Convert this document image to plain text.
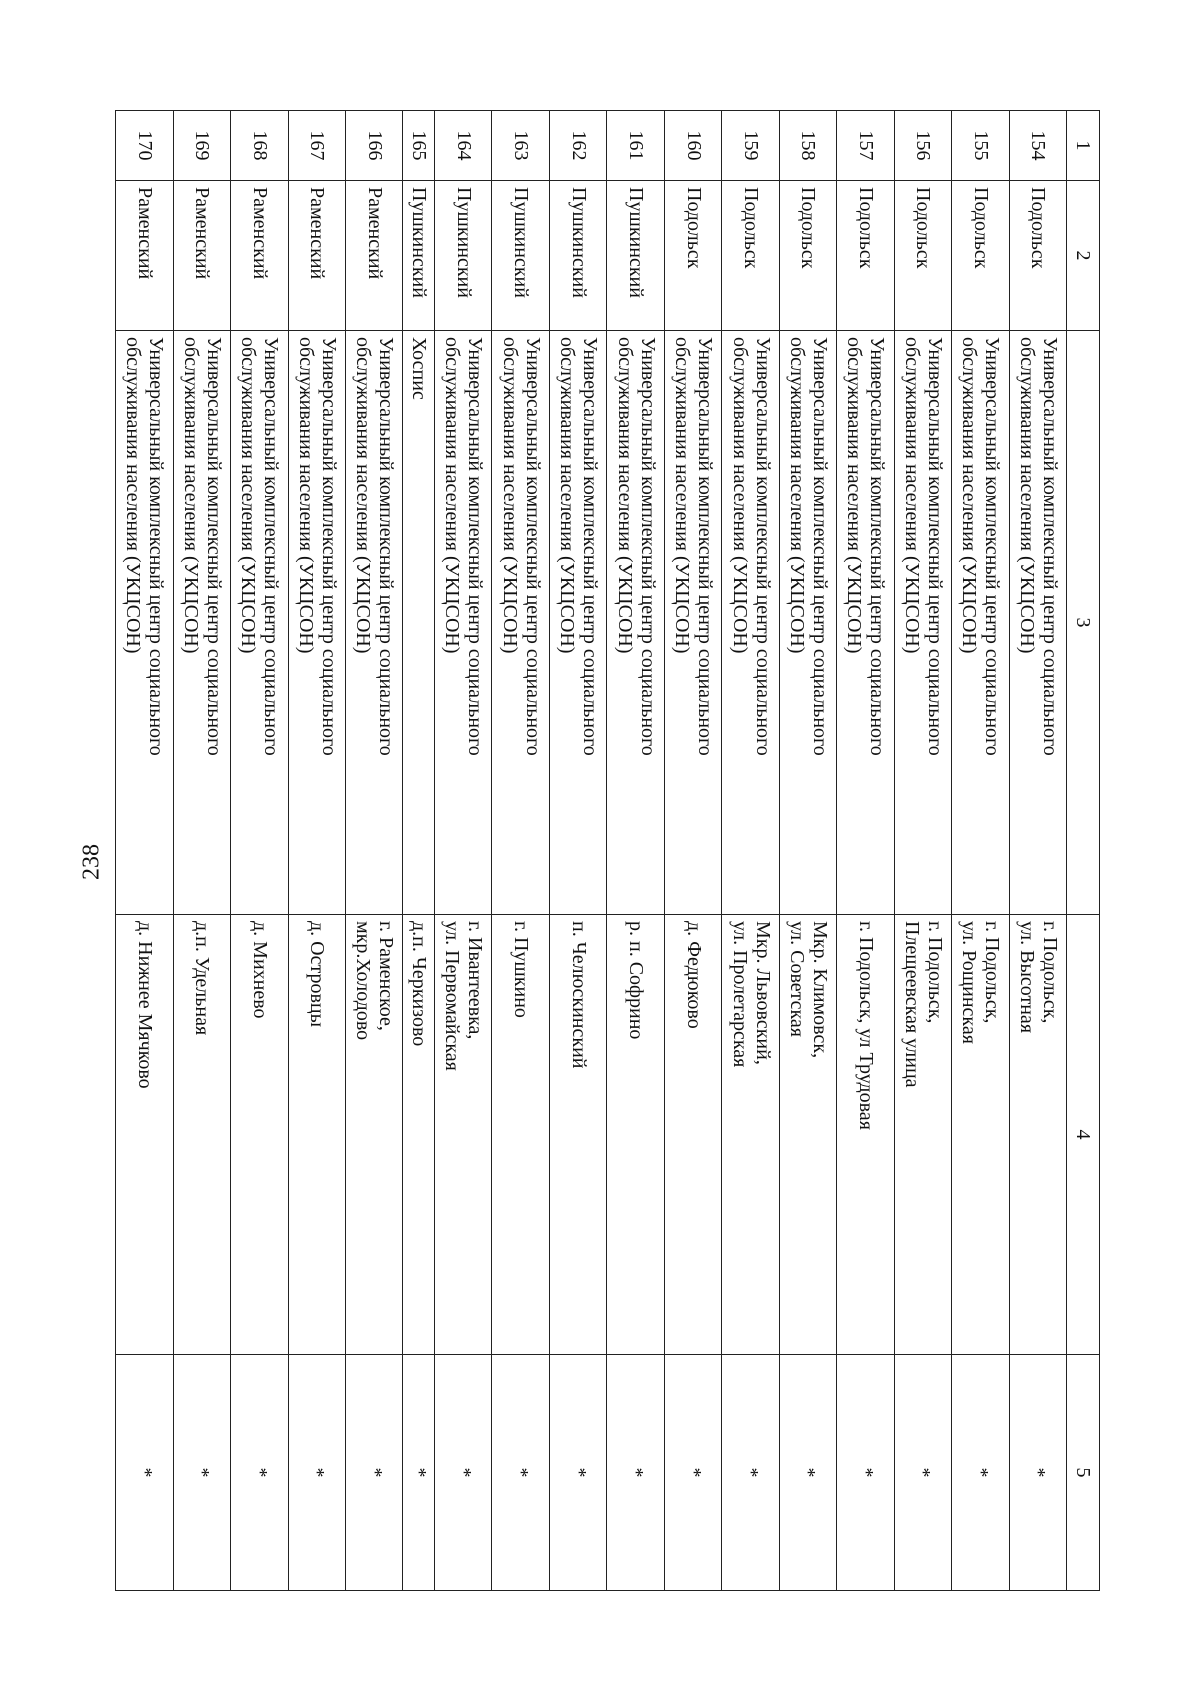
238
1	2	3	4	5
154	Подольск	Универсальный комплексный центр социального
обслуживания населения (УКЦСОН)	г. Подольск,
ул. Высотная	*
155	Подольск	Универсальный комплексный центр социального
обслуживания населения (УКЦСОН)	г. Подольск,
ул. Рощинская	*
156	Подольск	Универсальный комплексный центр социального
обслуживания населения (УКЦСОН)	г. Подольск,
Плещеевская улица	*
157	Подольск	Универсальный комплексный центр социального
обслуживания населения (УКЦСОН)	г. Подольск, ул Трудовая	*
158	Подольск	Универсальный комплексный центр социального
обслуживания населения (УКЦСОН)	Мкр. Климовск,
ул. Советская	*
159	Подольск	Универсальный комплексный центр социального
обслуживания населения (УКЦСОН)	Мкр. Львовский,
ул. Пролетарская	*
160	Подольск	Универсальный комплексный центр социального
обслуживания населения (УКЦСОН)	д. Федюково	*
161	Пушкинский	Универсальный комплексный центр социального
обслуживания населения (УКЦСОН)	р. п. Софрино	*
162	Пушкинский	Универсальный комплексный центр социального
обслуживания населения (УКЦСОН)	п. Челюскинский	*
163	Пушкинский	Универсальный комплексный центр социального
обслуживания населения (УКЦСОН)	г. Пушкино	*
164	Пушкинский	Универсальный комплексный центр социального
обслуживания населения (УКЦСОН)	г. Ивантеевка,
ул. Первомайская	*
165	Пушкинский	Хоспис	д.п. Черкизово	*
166	Раменский	Универсальный комплексный центр социального
обслуживания населения (УКЦСОН)	г. Раменское,
мкр.Холодово	*
167	Раменский	Универсальный комплексный центр социального
обслуживания населения (УКЦСОН)	д. Островцы	*
168	Раменский	Универсальный комплексный центр социального
обслуживания населения (УКЦСОН)	д. Михнево	*
169	Раменский	Универсальный комплексный центр социального
обслуживания населения (УКЦСОН)	д.п. Удельная	*
170	Раменский	Универсальный комплексный центр социального
обслуживания населения (УКЦСОН)	д. Нижнее Мячково	*
